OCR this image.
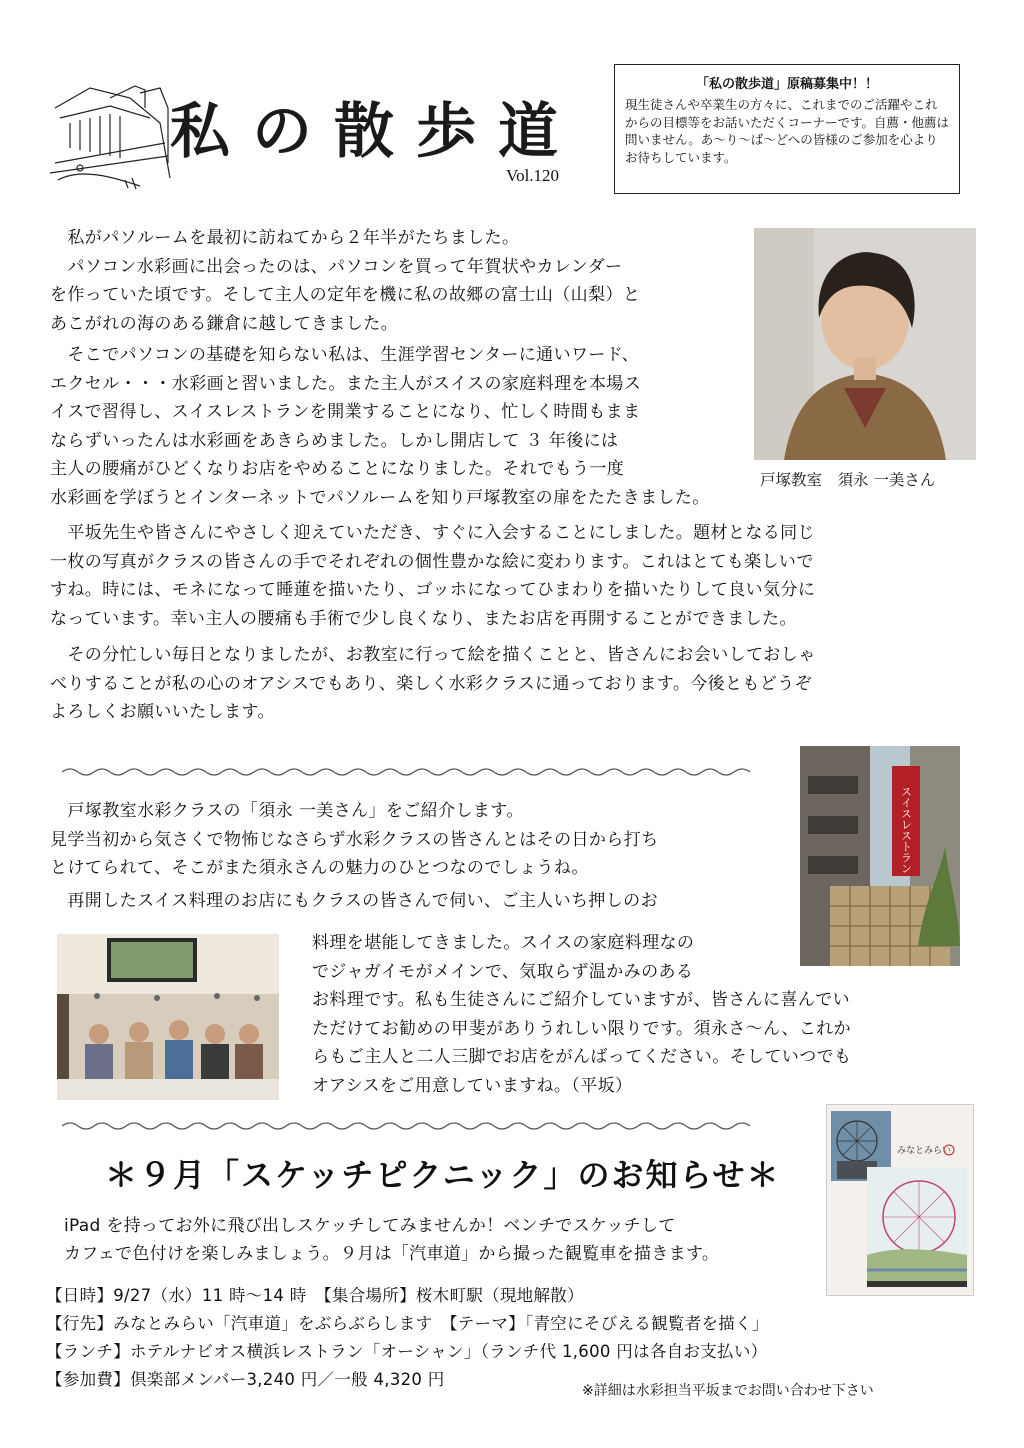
私の散歩道
Vol.120
「私の散歩道」原稿募集中！！
現生徒さんや卒業生の方々に、これまでのご活躍やこれからの目標等をお話いただくコーナーです。自薦・他薦は問いません。あ～り～ば～どへの皆様のご参加を心よりお待ちしています。
戸塚教室　須永 一美さん
　私がパソルームを最初に訪ねてから２年半がたちました。
　パソコン水彩画に出会ったのは、パソコンを買って年賀状やカレンダー
を作っていた頃です。そして主人の定年を機に私の故郷の富士山（山梨）と
あこがれの海のある鎌倉に越してきました。
　そこでパソコンの基礎を知らない私は、生涯学習センターに通いワード、
エクセル・・・水彩画と習いました。また主人がスイスの家庭料理を本場ス
イスで習得し、スイスレストランを開業することになり、忙しく時間もまま
ならずいったんは水彩画をあきらめました。しかし開店して ３ 年後には
主人の腰痛がひどくなりお店をやめることになりました。それでもう一度
水彩画を学ぼうとインターネットでパソルームを知り戸塚教室の扉をたたきました。
　平坂先生や皆さんにやさしく迎えていただき、すぐに入会することにしました。題材となる同じ
一枚の写真がクラスの皆さんの手でそれぞれの個性豊かな絵に変わります。これはとても楽しいで
すね。時には、モネになって睡蓮を描いたり、ゴッホになってひまわりを描いたりして良い気分に
なっています。幸い主人の腰痛も手術で少し良くなり、またお店を再開することができました。
　その分忙しい毎日となりましたが、お教室に行って絵を描くことと、皆さんにお会いしておしゃ
べりすることが私の心のオアシスでもあり、楽しく水彩クラスに通っております。今後ともどうぞ
よろしくお願いいたします。
スイスレストラン
　戸塚教室水彩クラスの「須永 一美さん」をご紹介します。
見学当初から気さくで物怖じなさらず水彩クラスの皆さんとはその日から打ち
とけてられて、そこがまた須永さんの魅力のひとつなのでしょうね。
　再開したスイス料理のお店にもクラスの皆さんで伺い、ご主人いち押しのお
料理を堪能してきました。スイスの家庭料理なの
でジャガイモがメインで、気取らず温かみのある
お料理です。私も生徒さんにご紹介していますが、皆さんに喜んでい
ただけてお勧めの甲斐がありうれしい限りです。須永さ～ん、これか
らもご主人と二人三脚でお店をがんばってください。そしていつでも
オアシスをご用意していますね。（平坂）
みなとみらい
＊９月「スケッチピクニック」のお知らせ＊
iPad を持ってお外に飛び出しスケッチしてみませんか！ベンチでスケッチして
カフェで色付けを楽しみましょう。９月は「汽車道」から撮った観覧車を描きます。
【日時】9/27（水）11 時～14 時　【集合場所】桜木町駅（現地解散）
【行先】みなとみらい「汽車道」をぶらぶらします　【テーマ】「青空にそびえる観覧者を描く」
【ランチ】ホテルナビオス横浜レストラン「オーシャン」（ランチ代 1,600 円は各自お支払い）
【参加費】倶楽部メンバー3,240 円／一般 4,320 円
※詳細は水彩担当平坂までお問い合わせ下さい
